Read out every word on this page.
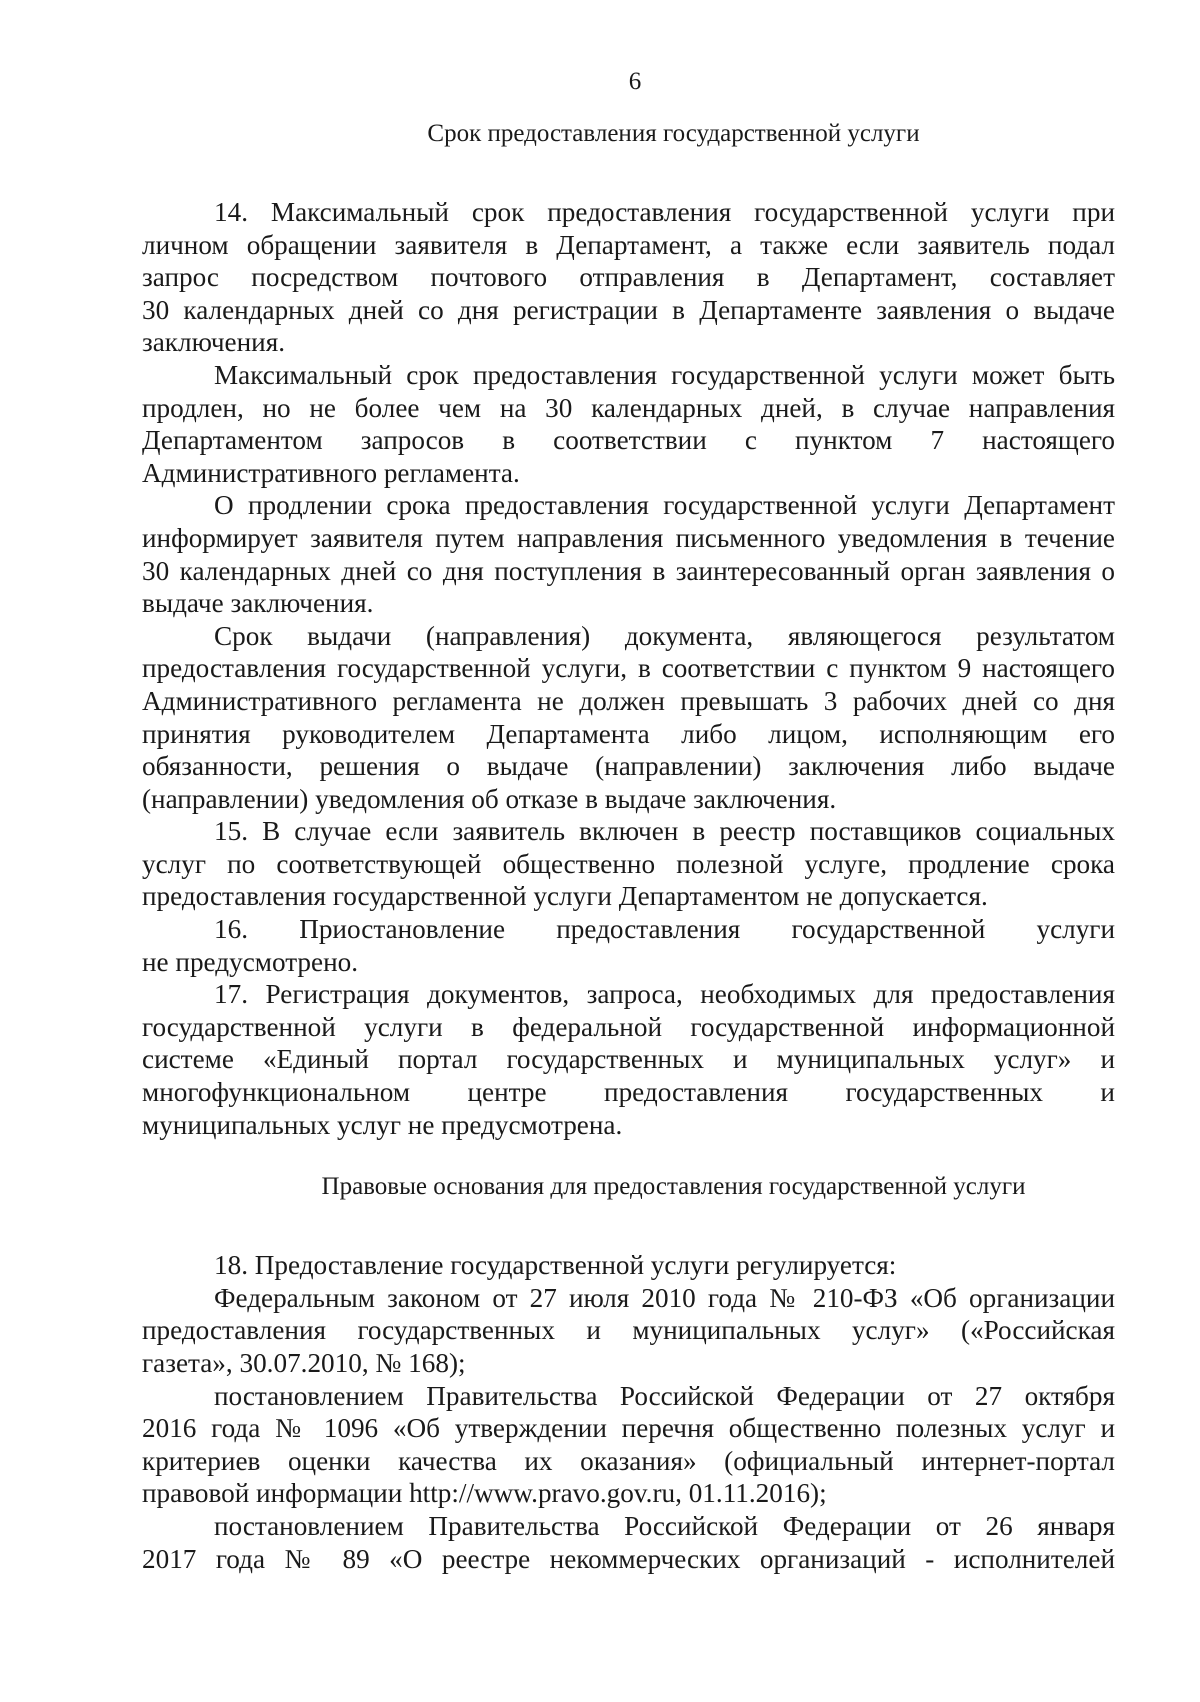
6
Срок предоставления государственной услуги
14. Максимальный срок предоставления государственной услуги при
личном обращении заявителя в Департамент, а также если заявитель подал
запрос посредством почтового отправления в Департамент, составляет
30 календарных дней со дня регистрации в Департаменте заявления о выдаче
заключения.
Максимальный срок предоставления государственной услуги может быть
продлен, но не более чем на 30 календарных дней, в случае направления
Департаментом запросов в соответствии с пунктом 7 настоящего
Административного регламента.
О продлении срока предоставления государственной услуги Департамент
информирует заявителя путем направления письменного уведомления в течение
30 календарных дней со дня поступления в заинтересованный орган заявления о
выдаче заключения.
Срок выдачи (направления) документа, являющегося результатом
предоставления государственной услуги, в соответствии с пунктом 9 настоящего
Административного регламента не должен превышать 3 рабочих дней со дня
принятия руководителем Департамента либо лицом, исполняющим его
обязанности, решения о выдаче (направлении) заключения либо выдаче
(направлении) уведомления об отказе в выдаче заключения.
15. В случае если заявитель включен в реестр поставщиков социальных
услуг по соответствующей общественно полезной услуге, продление срока
предоставления государственной услуги Департаментом не допускается.
16. Приостановление предоставления государственной услуги
не предусмотрено.
17. Регистрация документов, запроса, необходимых для предоставления
государственной услуги в федеральной государственной информационной
системе «Единый портал государственных и муниципальных услуг» и
многофункциональном центре предоставления государственных и
муниципальных услуг не предусмотрена.
Правовые основания для предоставления государственной услуги
18. Предоставление государственной услуги регулируется:
Федеральным законом от 27 июля 2010 года № 210-ФЗ «Об организации
предоставления государственных и муниципальных услуг» («Российская
газета», 30.07.2010, № 168);
постановлением Правительства Российской Федерации от 27 октября
2016 года № 1096 «Об утверждении перечня общественно полезных услуг и
критериев оценки качества их оказания» (официальный интернет-портал
правовой информации http://www.pravo.gov.ru, 01.11.2016);
постановлением Правительства Российской Федерации от 26 января
2017 года № 89 «О реестре некоммерческих организаций - исполнителей
